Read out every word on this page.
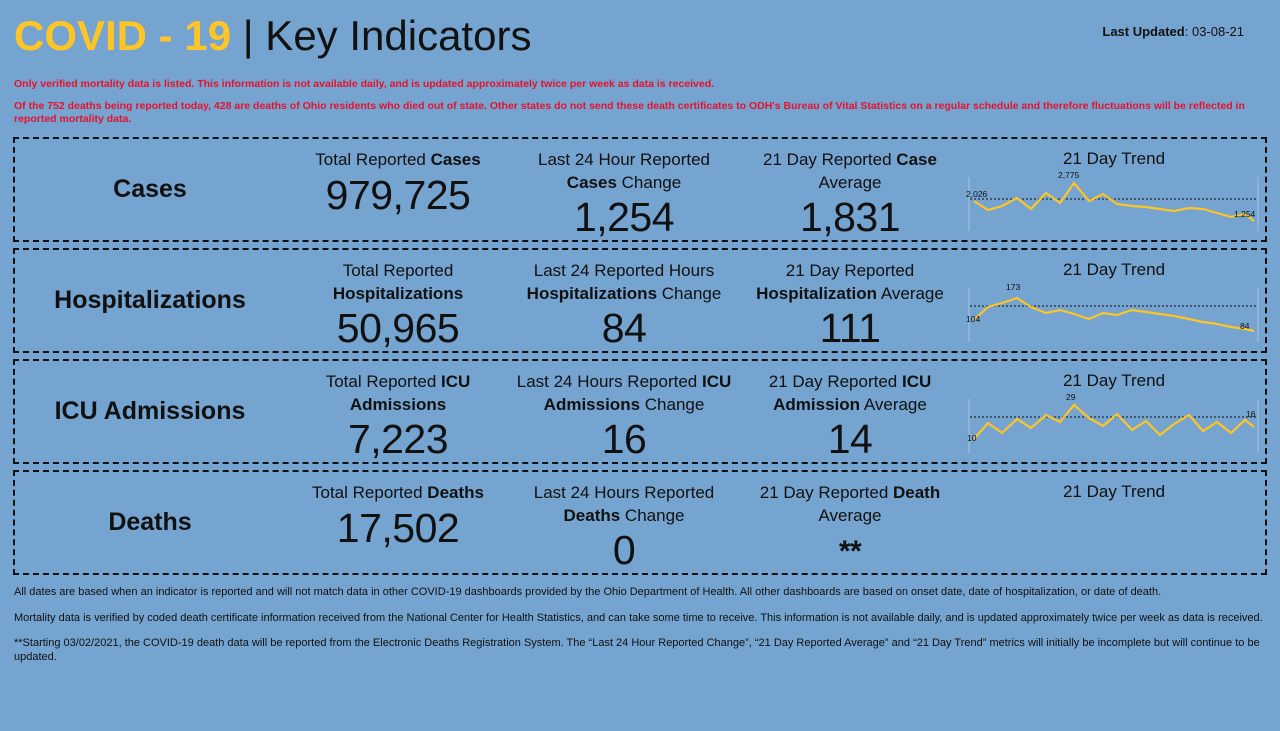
COVID - 19 | Key Indicators	Last Updated: 03-08-21
Only verified mortality data is listed. This information is not available daily, and is updated approximately twice per week as data is received.
Of the 752 deaths being reported today, 428 are deaths of Ohio residents who died out of state. Other states do not send these death certificates to ODH's Bureau of Vital Statistics on a regular schedule and therefore fluctuations will be reflected in reported mortality data.
Cases
Total Reported Cases
979,725
Last 24 Hour Reported Cases Change
1,254
21 Day Reported Case Average
1,831
21 Day Trend
2,026
2,775
1,254
Hospitalizations
Total Reported Hospitalizations
50,965
Last 24 Reported Hours Hospitalizations Change
84
21 Day Reported Hospitalization Average
111
21 Day Trend
104
173
84
ICU Admissions
Total Reported ICU Admissions
7,223
Last 24 Hours Reported ICU Admissions Change
16
21 Day Reported ICU Admission Average
14
21 Day Trend
10
29
16
Deaths
Total Reported Deaths
17,502
Last 24 Hours Reported Deaths Change
0
21 Day Reported Death Average
**
21 Day Trend
All dates are based when an indicator is reported and will not match data in other COVID-19 dashboards provided by the Ohio Department of Health. All other dashboards are based on onset date, date of hospitalization, or date of death.
Mortality data is verified by coded death certificate information received from the National Center for Health Statistics, and can take some time to receive. This information is not available daily, and is updated approximately twice per week as data is received.
**Starting 03/02/2021, the COVID-19 death data will be reported from the Electronic Deaths Registration System. The “Last 24 Hour Reported Change”, “21 Day Reported Average” and “21 Day Trend” metrics will initially be incomplete but will continue to be updated.
